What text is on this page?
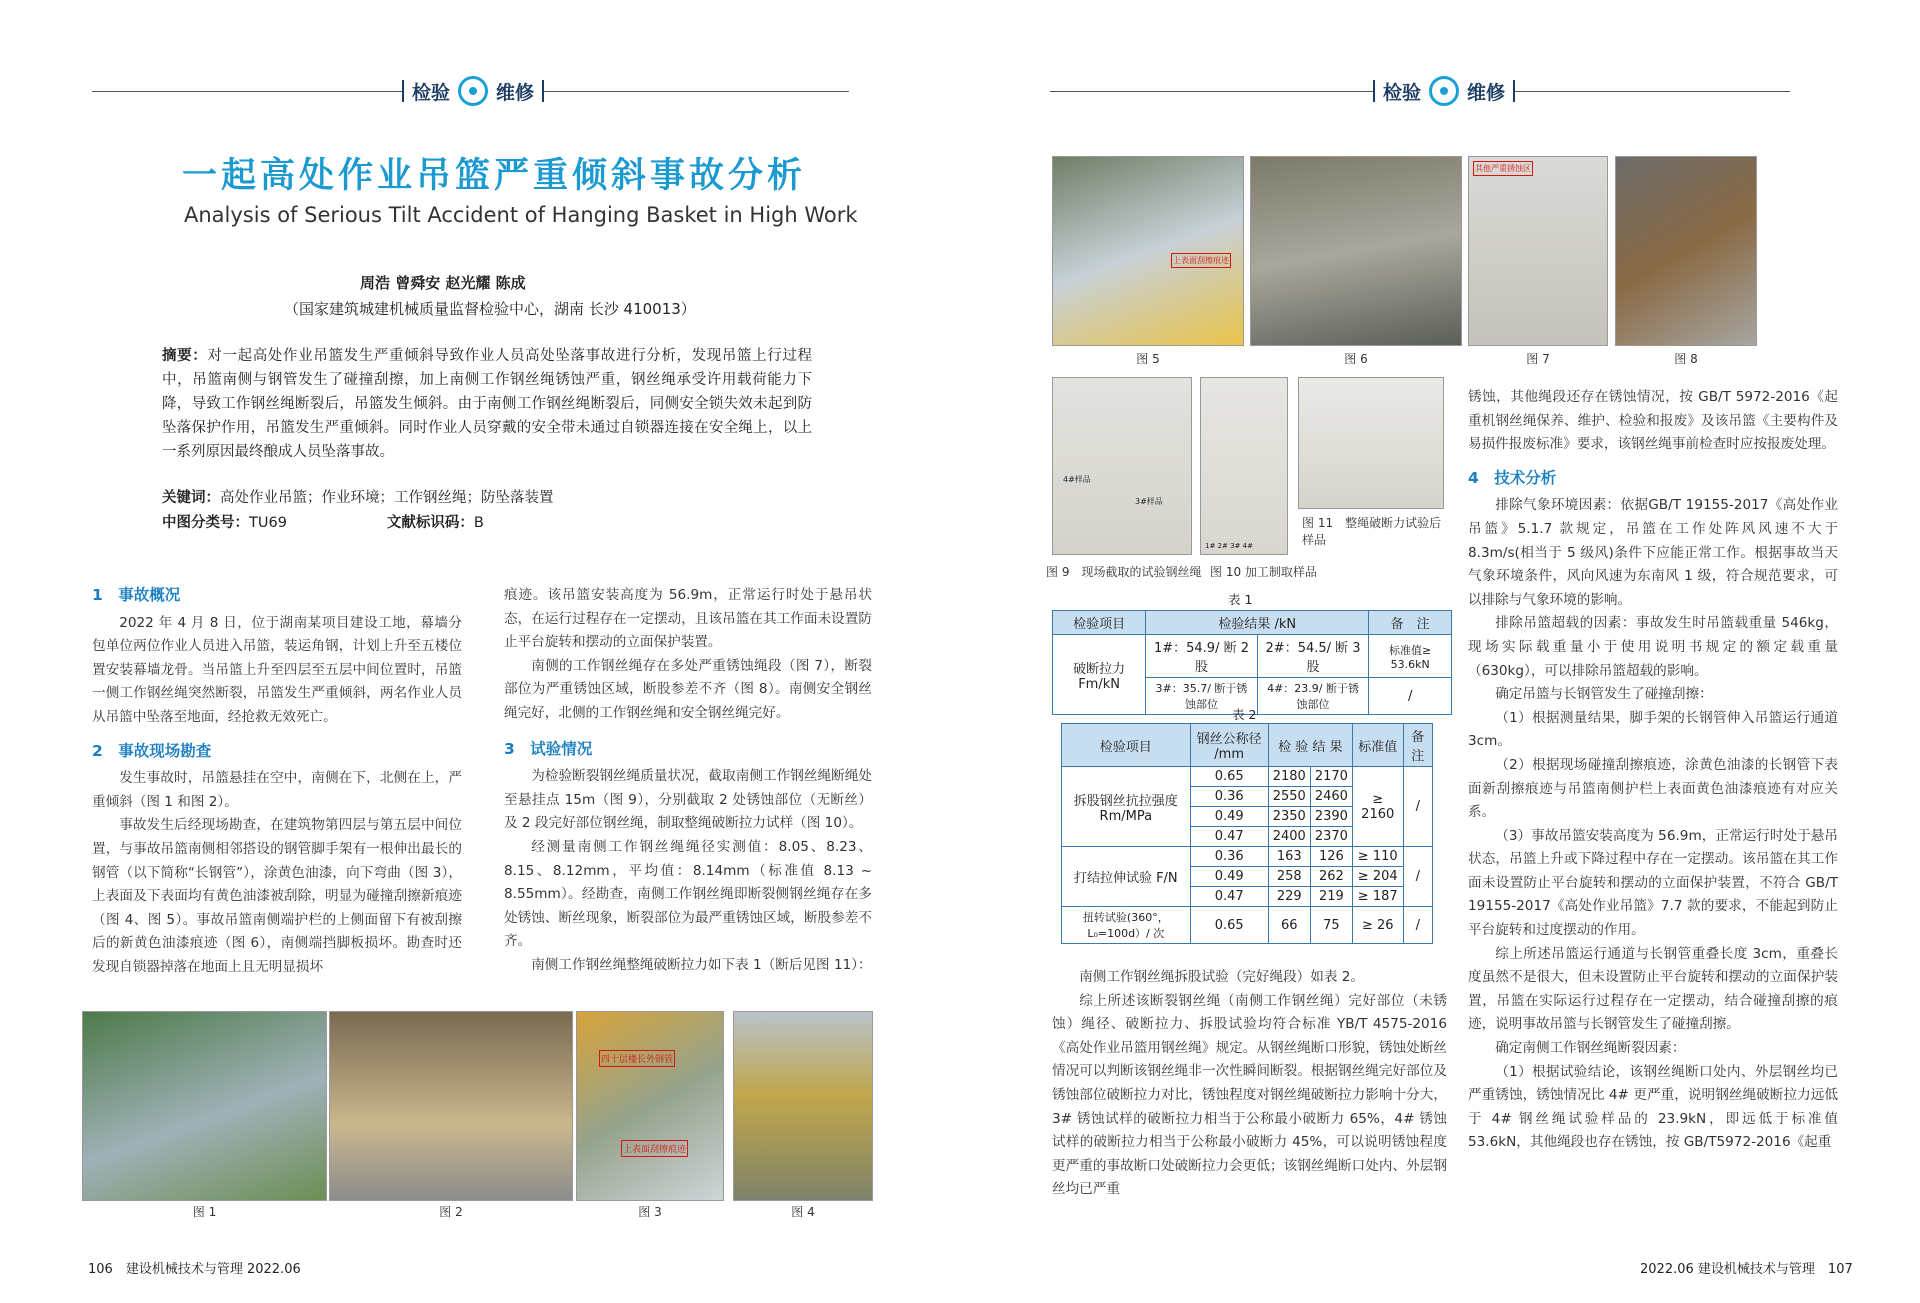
检验 维修
一起高处作业吊篮严重倾斜事故分析
Analysis of Serious Tilt Accident of Hanging Basket in High Work
周浩 曾舜安 赵光耀 陈成
（国家建筑城建机械质量监督检验中心，湖南 长沙 410013）
摘要：对一起高处作业吊篮发生严重倾斜导致作业人员高处坠落事故进行分析，发现吊篮上行过程中，吊篮南侧与钢管发生了碰撞刮擦，加上南侧工作钢丝绳锈蚀严重，钢丝绳承受许用载荷能力下降，导致工作钢丝绳断裂后，吊篮发生倾斜。由于南侧工作钢丝绳断裂后，同侧安全锁失效未起到防坠落保护作用，吊篮发生严重倾斜。同时作业人员穿戴的安全带未通过自锁器连接在安全绳上，以上一系列原因最终酿成人员坠落事故。
关键词：高处作业吊篮；作业环境；工作钢丝绳；防坠落装置
中图分类号：TU69	文献标识码：B
1　事故概况

2022 年 4 月 8 日，位于湖南某项目建设工地，幕墙分包单位两位作业人员进入吊篮，装运角钢，计划上升至五楼位置安装幕墙龙骨。当吊篮上升至四层至五层中间位置时，吊篮一侧工作钢丝绳突然断裂，吊篮发生严重倾斜，两名作业人员从吊篮中坠落至地面，经抢救无效死亡。

2　事故现场勘查

发生事故时，吊篮悬挂在空中，南侧在下，北侧在上，严重倾斜（图 1 和图 2）。

事故发生后经现场勘查，在建筑物第四层与第五层中间位置，与事故吊篮南侧相邻搭设的钢管脚手架有一根伸出最长的钢管（以下简称“长钢管”），涂黄色油漆，向下弯曲（图 3），上表面及下表面均有黄色油漆被刮除，明显为碰撞刮擦新痕迹（图 4、图 5）。事故吊篮南侧端护栏的上侧面留下有被刮擦后的新黄色油漆痕迹（图 6），南侧端挡脚板损坏。勘查时还发现自锁器掉落在地面上且无明显损坏

痕迹。该吊篮安装高度为 56.9m，正常运行时处于悬吊状态，在运行过程存在一定摆动，且该吊篮在其工作面未设置防止平台旋转和摆动的立面保护装置。

南侧的工作钢丝绳存在多处严重锈蚀绳段（图 7），断裂部位为严重锈蚀区域，断股参差不齐（图 8）。南侧安全钢丝绳完好，北侧的工作钢丝绳和安全钢丝绳完好。

3　试验情况

为检验断裂钢丝绳质量状况，截取南侧工作钢丝绳断绳处至悬挂点 15m（图 9），分别截取 2 处锈蚀部位（无断丝）及 2 段完好部位钢丝绳，制取整绳破断拉力试样（图 10）。

经测量南侧工作钢丝绳绳径实测值：8.05、8.23、8.15、8.12mm，平均值：8.14mm（标准值 8.13 ~ 8.55mm）。经勘查，南侧工作钢丝绳即断裂侧钢丝绳存在多处锈蚀、断丝现象，断裂部位为最严重锈蚀区域，断股参差不齐。

南侧工作钢丝绳整绳破断拉力如下表 1（断后见图 11）：

四十层楼长外钢管
上表面刮擦痕迹
图 1	图 2	图 3	图 4
106　 建设机械技术与管理 2022.06
检验 维修
上表面刮擦痕迹
其他严重锈蚀区
图 5	图 6	图 7	图 8
4#样品
3#样品
1# 2# 3# 4#
图 11　整绳破断力试验后样品
图 9　现场截取的试验钢丝绳 图 10 加工制取样品
表 1
检验项目	检验结果 /kN		备　注
破断拉力 Fm/kN	1#：54.9/ 断 2 股	2#：54.5/ 断 3 股	标准值≥ 53.6kN
	3#：35.7/ 断于锈蚀部位	4#：23.9/ 断于锈蚀部位	/
表 2
检验项目	钢丝公称径 /mm	检 验 结 果		标准值	备注
拆股钢丝抗拉强度 Rm/MPa	0.65	2180	2170	≥ 2160	/
	0.36	2550	2460		
	0.49	2350	2390		
	0.47	2400	2370		
打结拉伸试验 F/N	0.36	163	126	≥ 110	/
	0.49	258	262	≥ 204	
	0.47	229	219	≥ 187	
扭转试验(360°，L₀=100d）/ 次	0.65	66	75	≥ 26	/

南侧工作钢丝绳拆股试验（完好绳段）如表 2。

综上所述该断裂钢丝绳（南侧工作钢丝绳）完好部位（未锈蚀）绳径、破断拉力、拆股试验均符合标准 YB/T 4575-2016《高处作业吊篮用钢丝绳》规定。从钢丝绳断口形貌，锈蚀处断丝情况可以判断该钢丝绳非一次性瞬间断裂。根据钢丝绳完好部位及锈蚀部位破断拉力对比，锈蚀程度对钢丝绳破断拉力影响十分大，3# 锈蚀试样的破断拉力相当于公称最小破断力 65%，4# 锈蚀试样的破断拉力相当于公称最小破断力 45%，可以说明锈蚀程度更严重的事故断口处破断拉力会更低；该钢丝绳断口处内、外层钢丝均已严重

锈蚀，其他绳段还存在锈蚀情况，按 GB/T 5972-2016《起重机钢丝绳保养、维护、检验和报废》及该吊篮《主要构件及易损件报废标准》要求，该钢丝绳事前检查时应按报废处理。

4　技术分析

排除气象环境因素：依据GB/T 19155-2017《高处作业吊篮》5.1.7 款规定，吊篮在工作处阵风风速不大于 8.3m/s(相当于 5 级风)条件下应能正常工作。根据事故当天气象环境条件，风向风速为东南风 1 级，符合规范要求，可以排除与气象环境的影响。

排除吊篮超载的因素：事故发生时吊篮载重量 546kg，现场实际载重量小于使用说明书规定的额定载重量（630kg），可以排除吊篮超载的影响。

确定吊篮与长钢管发生了碰撞刮擦：

（1）根据测量结果，脚手架的长钢管伸入吊篮运行通道 3cm。

（2）根据现场碰撞刮擦痕迹，涂黄色油漆的长钢管下表面新刮擦痕迹与吊篮南侧护栏上表面黄色油漆痕迹有对应关系。

（3）事故吊篮安装高度为 56.9m，正常运行时处于悬吊状态，吊篮上升或下降过程中存在一定摆动。该吊篮在其工作面未设置防止平台旋转和摆动的立面保护装置，不符合 GB/T 19155-2017《高处作业吊篮》7.7 款的要求，不能起到防止平台旋转和过度摆动的作用。

综上所述吊篮运行通道与长钢管重叠长度 3cm，重叠长度虽然不是很大，但未设置防止平台旋转和摆动的立面保护装置，吊篮在实际运行过程存在一定摆动，结合碰撞刮擦的痕迹，说明事故吊篮与长钢管发生了碰撞刮擦。

确定南侧工作钢丝绳断裂因素：

（1）根据试验结论，该钢丝绳断口处内、外层钢丝均已严重锈蚀，锈蚀情况比 4# 更严重，说明钢丝绳破断拉力远低于 4# 钢丝绳试验样品的 23.9kN，即远低于标准值 53.6kN，其他绳段也存在锈蚀，按 GB/T5972-2016《起重

2022.06 建设机械技术与管理　 107
